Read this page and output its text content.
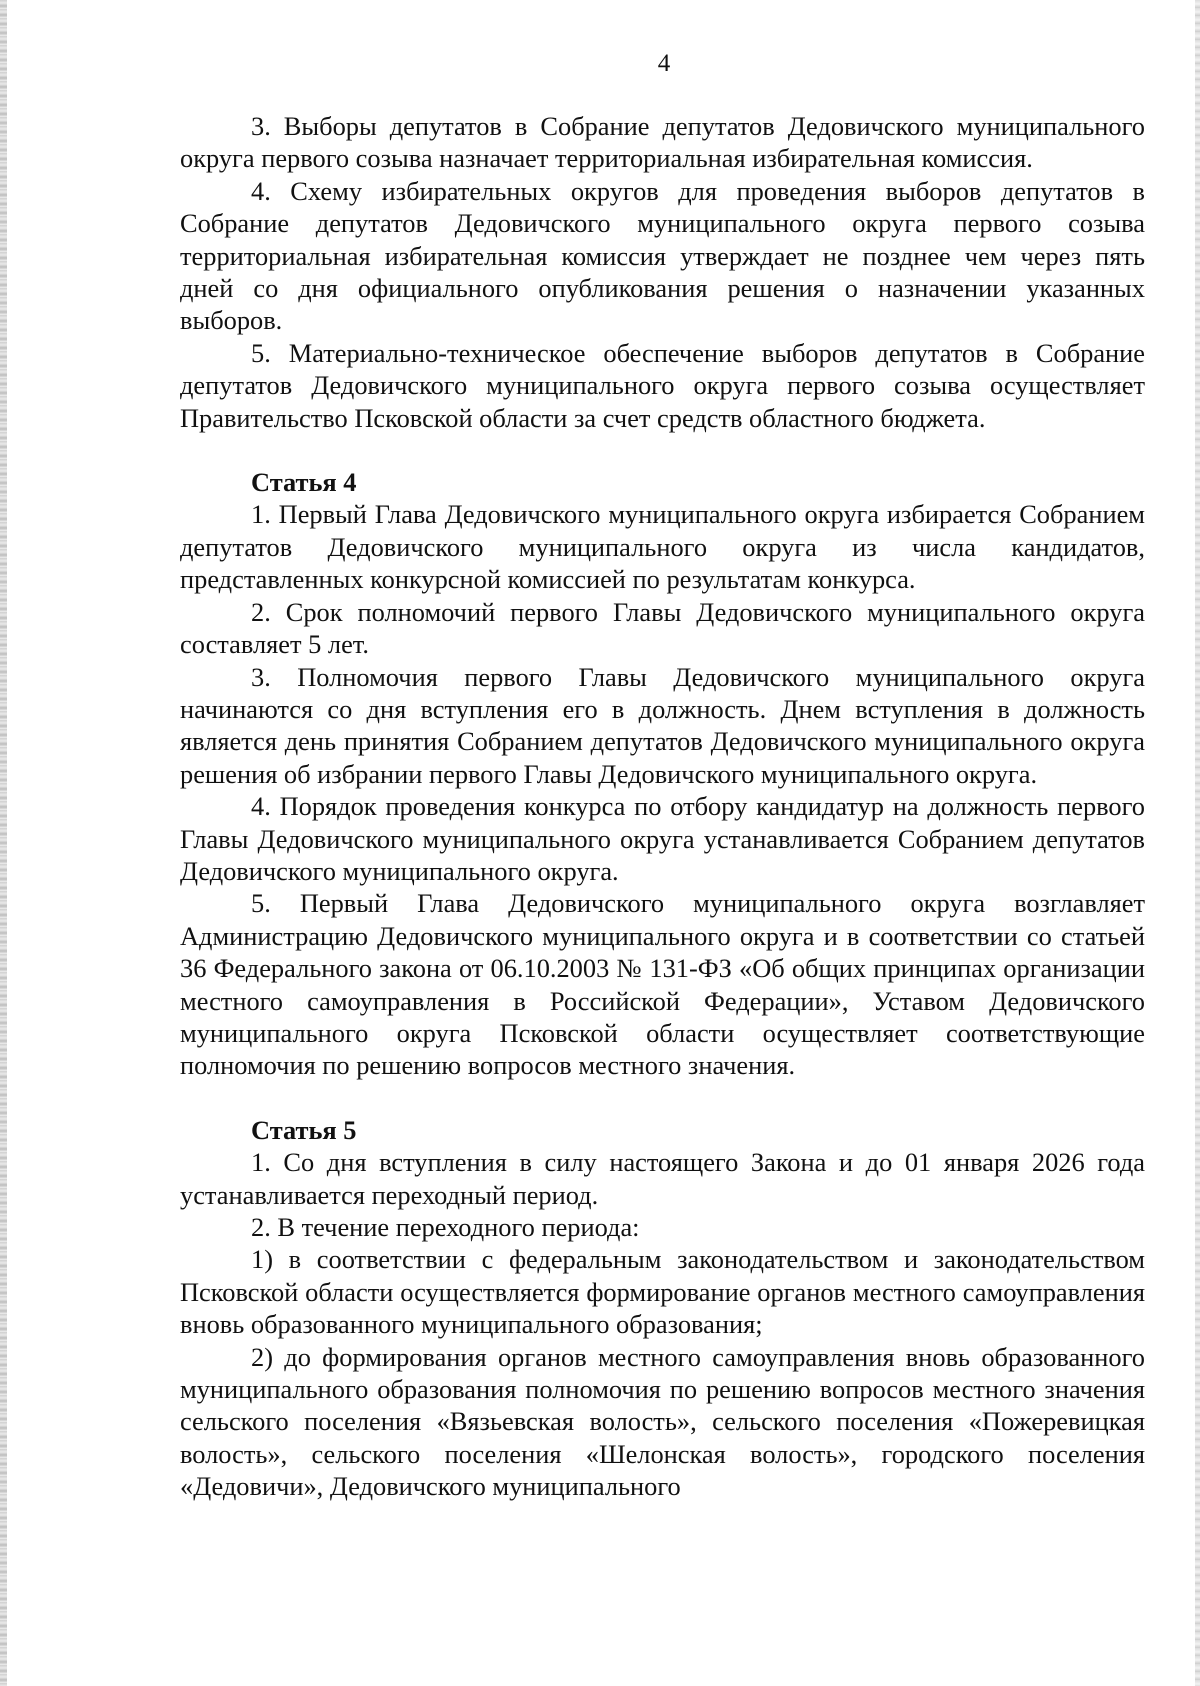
4

3. Выборы депутатов в Собрание депутатов Дедовичского муниципального округа первого созыва назначает территориальная избирательная комиссия.

4. Схему избирательных округов для проведения выборов депутатов в Собрание депутатов Дедовичского муниципального округа первого созыва территориальная избирательная комиссия утверждает не позднее чем через пять дней со дня официального опубликования решения о назначении указанных выборов.

5. Материально-техническое обеспечение выборов депутатов в Собрание депутатов Дедовичского муниципального округа первого созыва осуществляет Правительство Псковской области за счет средств областного бюджета.

Статья 4

1. Первый Глава Дедовичского муниципального округа избирается Собранием депутатов Дедовичского муниципального округа из числа кандидатов, представленных конкурсной комиссией по результатам конкурса.

2. Срок полномочий первого Главы Дедовичского муниципального округа составляет 5 лет.

3. Полномочия первого Главы Дедовичского муниципального округа начинаются со дня вступления его в должность. Днем вступления в должность является день принятия Собранием депутатов Дедовичского муниципального округа решения об избрании первого Главы Дедовичского муниципального округа.

4. Порядок проведения конкурса по отбору кандидатур на должность первого Главы Дедовичского муниципального округа устанавливается Собранием депутатов Дедовичского муниципального округа.

5. Первый Глава Дедовичского муниципального округа возглавляет Администрацию Дедовичского муниципального округа и в соответствии со статьей 36 Федерального закона от 06.10.2003 № 131-ФЗ «Об общих принципах организации местного самоуправления в Российской Федерации», Уставом Дедовичского муниципального округа Псковской области осуществляет соответствующие полномочия по решению вопросов местного значения.

Статья 5

1. Со дня вступления в силу настоящего Закона и до 01 января 2026 года устанавливается переходный период.

2. В течение переходного периода:

1) в соответствии с федеральным законодательством и законодательством Псковской области осуществляется формирование органов местного самоуправления вновь образованного муниципального образования;

2) до формирования органов местного самоуправления вновь образованного муниципального образования полномочия по решению вопросов местного значения сельского поселения «Вязьевская волость», сельского поселения «Пожеревицкая волость», сельского поселения «Шелонская волость», городского поселения «Дедовичи», Дедовичского муниципального
